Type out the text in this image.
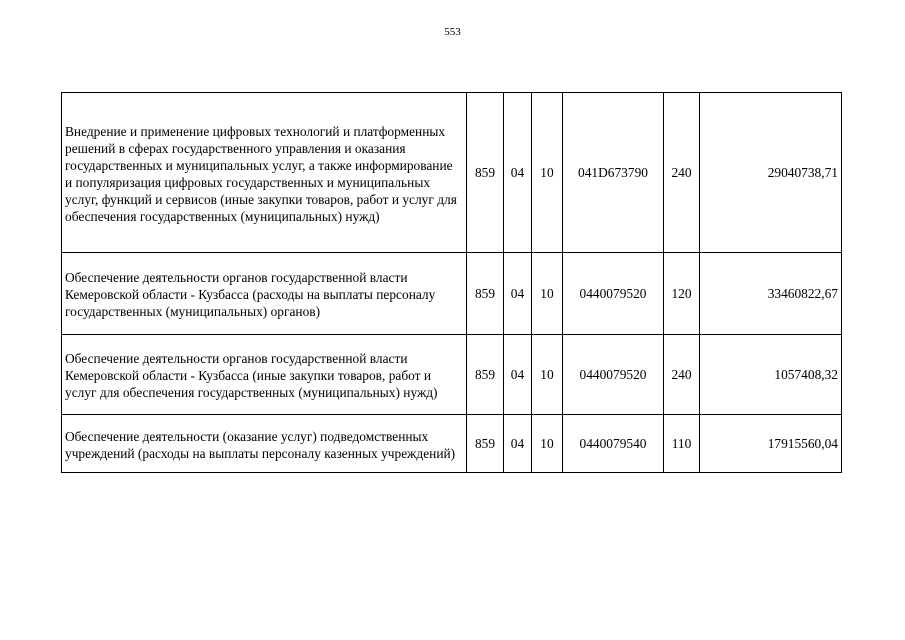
553
Внедрение и применение цифровых технологий и платформенных решений в сферах государственного управления и оказания государственных и муниципальных услуг, а также информирование и популяризация цифровых государственных и муниципальных услуг, функций и сервисов (иные закупки товаров, работ и услуг для обеспечения государственных (муниципальных) нужд)	859	04	10	041D673790	240	29040738,71
Обеспечение деятельности органов государственной власти Кемеровской области - Кузбасса (расходы на выплаты персоналу государственных (муниципальных) органов)	859	04	10	0440079520	120	33460822,67
Обеспечение деятельности органов государственной власти Кемеровской области - Кузбасса (иные закупки товаров, работ и услуг для обеспечения государственных (муниципальных) нужд)	859	04	10	0440079520	240	1057408,32
Обеспечение деятельности (оказание услуг) подведомственных учреждений (расходы на выплаты персоналу казенных учреждений)	859	04	10	0440079540	110	17915560,04
